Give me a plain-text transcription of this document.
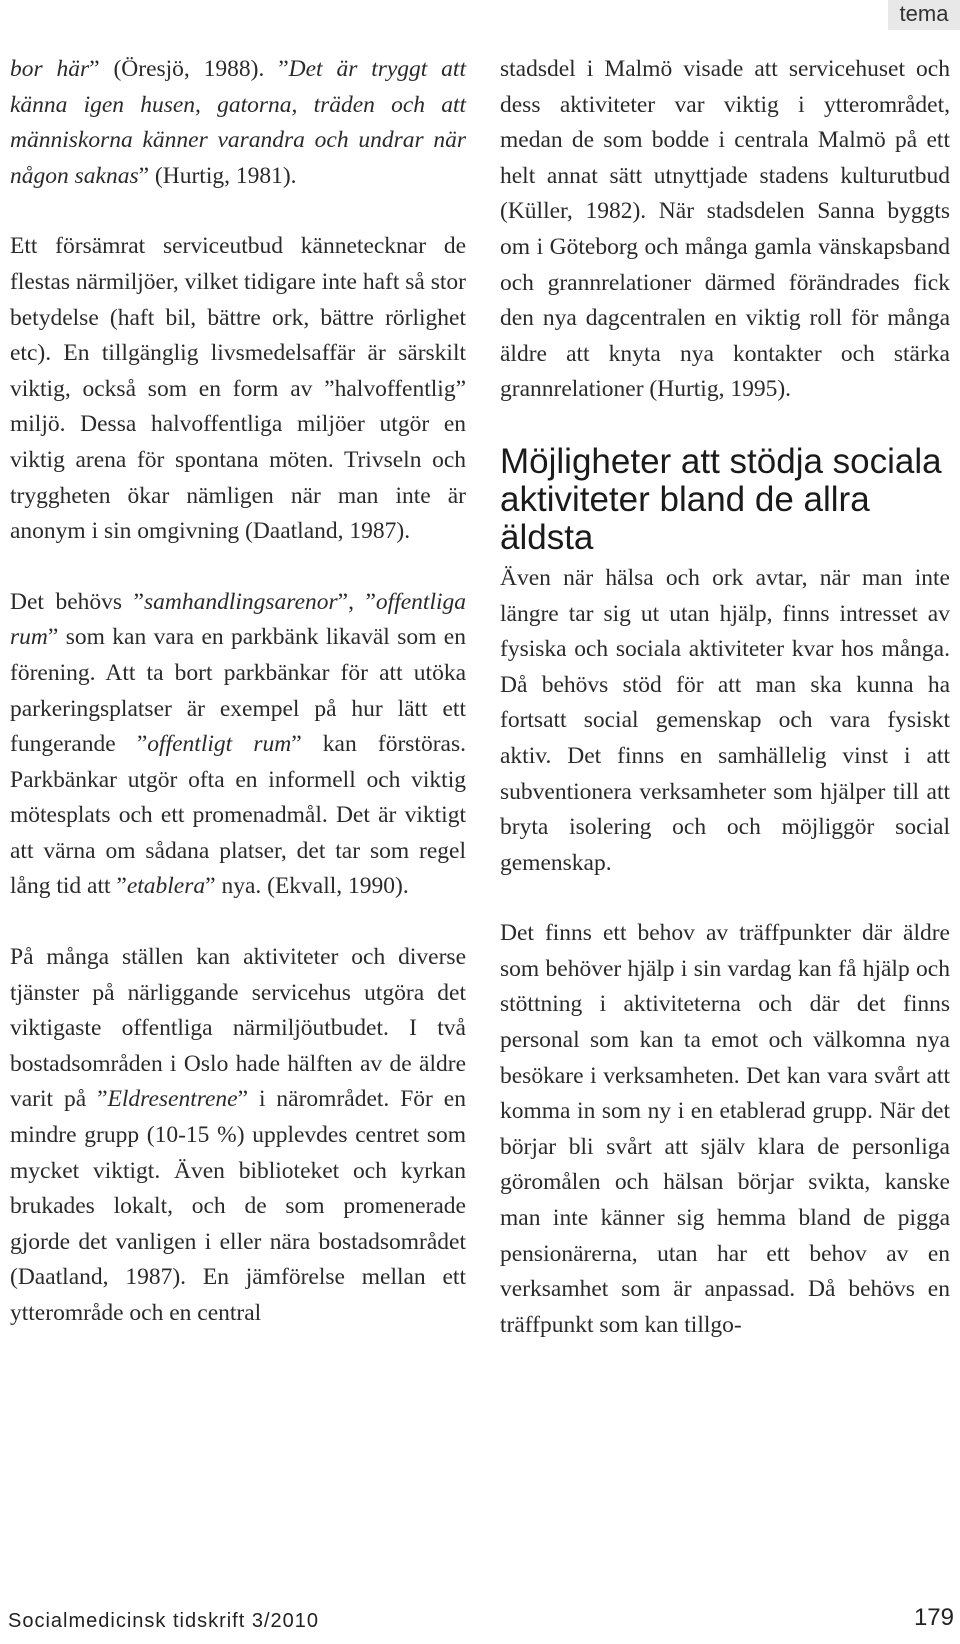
tema

bor här” (Öresjö, 1988). ”Det är tryggt att känna igen husen, gatorna, träden och att människorna känner varandra och undrar när någon saknas” (Hurtig, 1981).

Ett försämrat serviceutbud kännetecknar de flestas närmiljöer, vilket tidigare inte haft så stor betydelse (haft bil, bättre ork, bättre rörlighet etc). En tillgänglig livsmedelsaffär är särskilt viktig, också som en form av ”halvoffentlig” miljö. Dessa halvoffentliga miljöer utgör en viktig arena för spontana möten. Trivseln och tryggheten ökar nämligen när man inte är anonym i sin omgivning (Daatland, 1987).

Det behövs ”samhandlingsarenor”, ”offentliga rum” som kan vara en parkbänk likaväl som en förening. Att ta bort parkbänkar för att utöka parkeringsplatser är exempel på hur lätt ett fungerande ”offentligt rum” kan förstöras. Parkbänkar utgör ofta en informell och viktig mötesplats och ett promenadmål. Det är viktigt att värna om sådana platser, det tar som regel lång tid att ”etablera” nya. (Ekvall, 1990).

På många ställen kan aktiviteter och diverse tjänster på närliggande servicehus utgöra det viktigaste offentliga närmiljöutbudet. I två bostadsområden i Oslo hade hälften av de äldre varit på ”Eldresentrene” i närområdet. För en mindre grupp (10-15 %) upplevdes centret som mycket viktigt. Även biblioteket och kyrkan brukades lokalt, och de som promenerade gjorde det vanligen i eller nära bostadsområdet (Daatland, 1987). En jämförelse mellan ett ytterområde och en central

stadsdel i Malmö visade att servicehuset och dess aktiviteter var viktig i ytterområdet, medan de som bodde i centrala Malmö på ett helt annat sätt utnyttjade stadens kulturutbud (Küller, 1982). När stadsdelen Sanna byggts om i Göteborg och många gamla vänskapsband och grannrelationer därmed förändrades fick den nya dagcentralen en viktig roll för många äldre att knyta nya kontakter och stärka grannrelationer (Hurtig, 1995).

Möjligheter att stödja sociala aktiviteter bland de allra äldsta

Även när hälsa och ork avtar, när man inte längre tar sig ut utan hjälp, finns intresset av fysiska och sociala aktiviteter kvar hos många. Då behövs stöd för att man ska kunna ha fortsatt social gemenskap och vara fysiskt aktiv. Det finns en samhällelig vinst i att subventionera verksamheter som hjälper till att bryta isolering och och möjliggör social gemenskap.

Det finns ett behov av träffpunkter där äldre som behöver hjälp i sin vardag kan få hjälp och stöttning i aktiviteterna och där det finns personal som kan ta emot och välkomna nya besökare i verksamheten. Det kan vara svårt att komma in som ny i en etablerad grupp. När det börjar bli svårt att själv klara de personliga göromålen och hälsan börjar svikta, kanske man inte känner sig hemma bland de pigga pensionärerna, utan har ett behov av en verksamhet som är anpassad. Då behövs en träffpunkt som kan tillgo-

Socialmedicinsk tidskrift 3/2010	179
